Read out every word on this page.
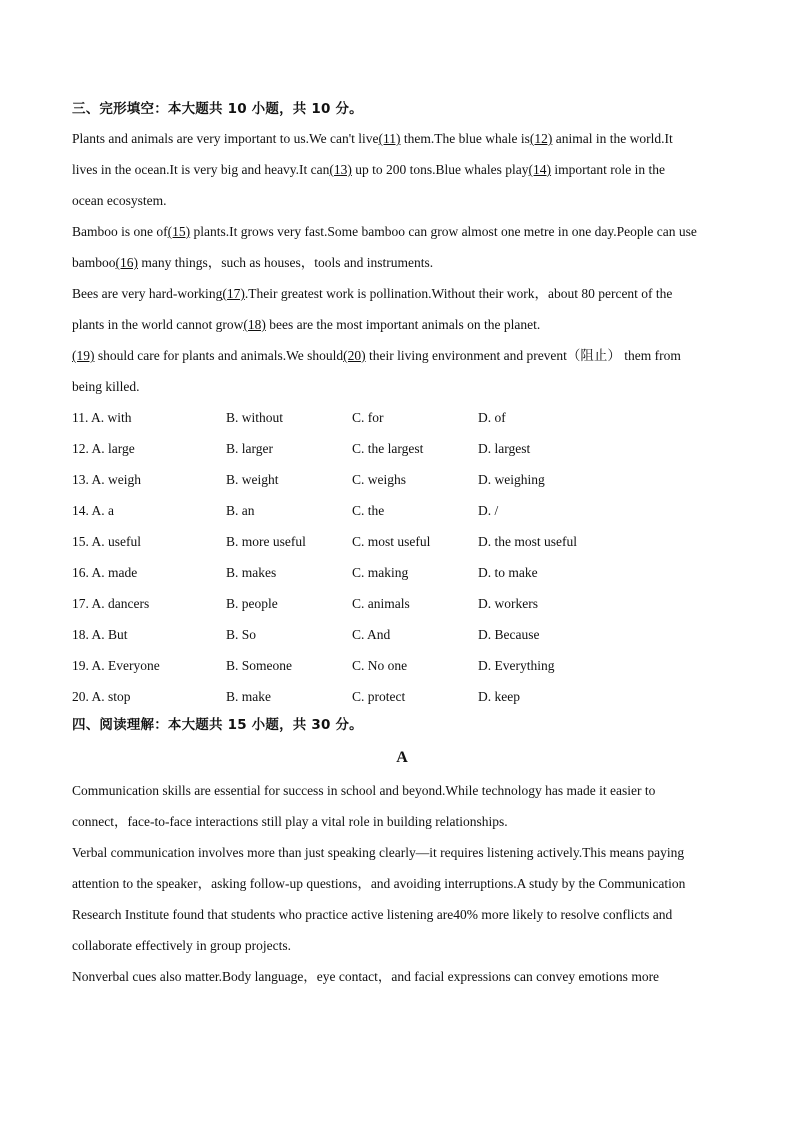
三、完形填空：本大题共 10 小题，共 10 分。
Plants and animals are very important to us.We can't live(11) them.The blue whale is(12) animal in the world.It
lives in the ocean.It is very big and heavy.It can(13) up to 200 tons.Blue whales play(14) important role in the
ocean ecosystem.
Bamboo is one of(15) plants.It grows very fast.Some bamboo can grow almost one metre in one day.People can use
bamboo(16) many things，such as houses，tools and instruments.
Bees are very hard-working(17).Their greatest work is pollination.Without their work，about 80 percent of the
plants in the world cannot grow(18) bees are the most important animals on the planet.
(19) should care for plants and animals.We should(20) their living environment and prevent（阻止） them from
being killed.
11. A. with	B. without	C. for	D. of
12. A. large	B. larger	C. the largest	D. largest
13. A. weigh	B. weight	C. weighs	D. weighing
14. A. a	B. an	C. the	D. /
15. A. useful	B. more useful	C. most useful	D. the most useful
16. A. made	B. makes	C. making	D. to make
17. A. dancers	B. people	C. animals	D. workers
18. A. But	B. So	C. And	D. Because
19. A. Everyone	B. Someone	C. No one	D. Everything
20. A. stop	B. make	C. protect	D. keep
四、阅读理解：本大题共 15 小题，共 30 分。
A
Communication skills are essential for success in school and beyond.While technology has made it easier to
connect，face-to-face interactions still play a vital role in building relationships.
Verbal communication involves more than just speaking clearly—it requires listening actively.This means paying
attention to the speaker，asking follow-up questions，and avoiding interruptions.A study by the Communication
Research Institute found that students who practice active listening are40% more likely to resolve conflicts and
collaborate effectively in group projects.
Nonverbal cues also matter.Body language，eye contact，and facial expressions can convey emotions more
